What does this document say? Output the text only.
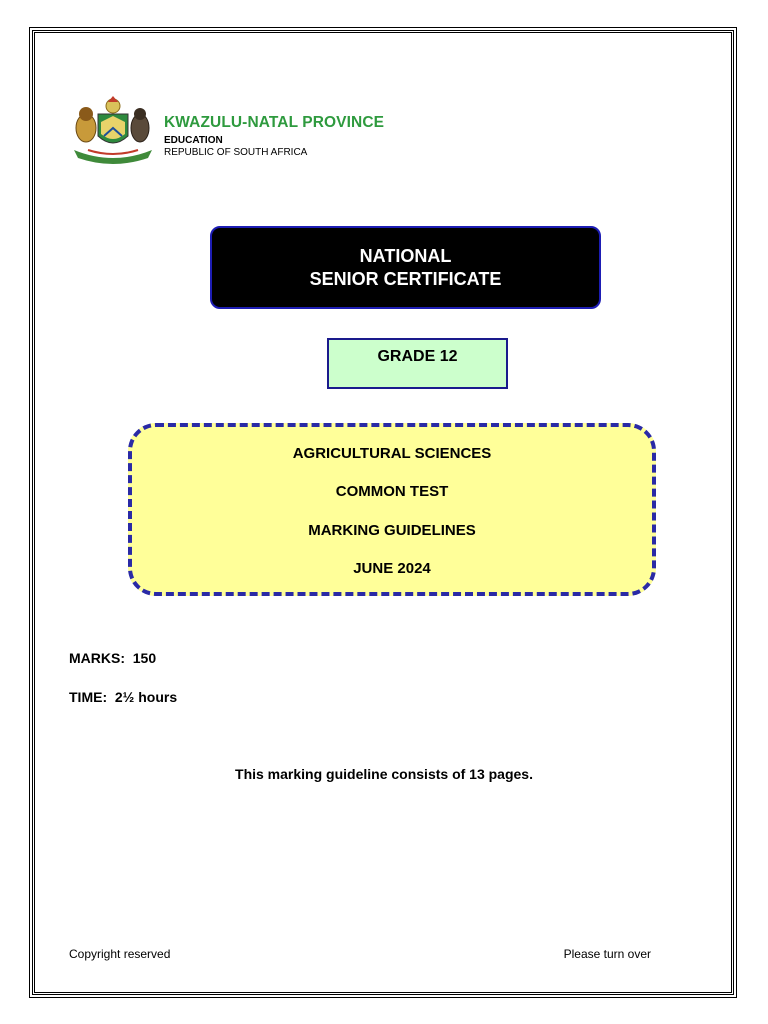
KWAZULU-NATAL PROVINCE
EDUCATION
REPUBLIC OF SOUTH AFRICA
NATIONAL
SENIOR CERTIFICATE
GRADE 12
AGRICULTURAL SCIENCES
COMMON TEST
MARKING GUIDELINES
JUNE 2024
MARKS:  150
TIME:  2½ hours
This marking guideline consists of 13 pages.
Copyright reserved	Please turn over
